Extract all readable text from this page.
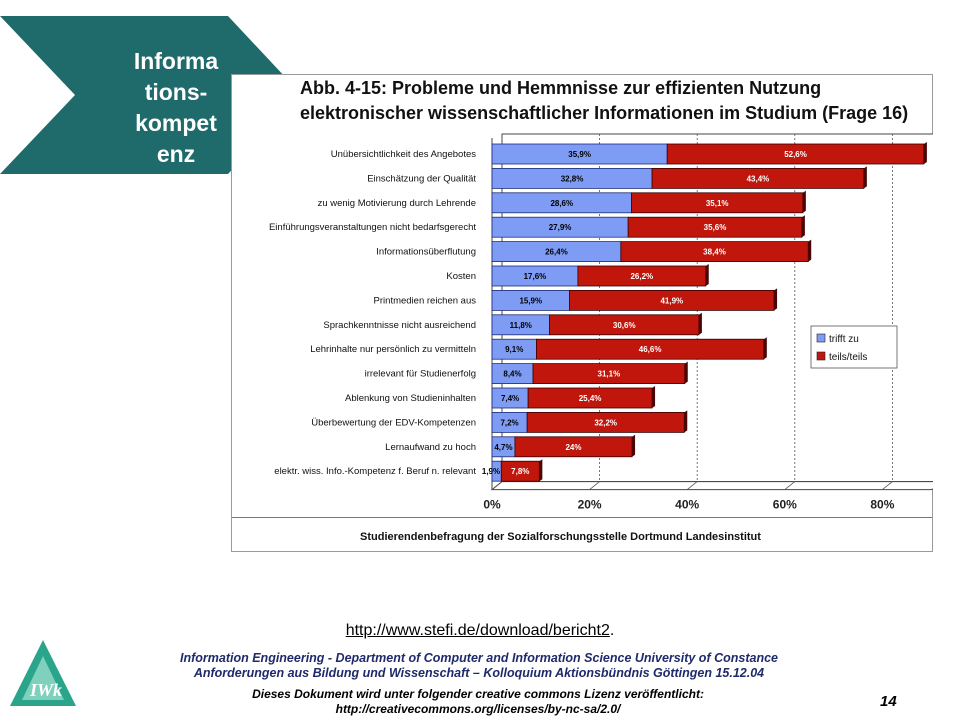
Informa
tions-
kompet
enz
Abb. 4-15: Probleme und Hemmnisse zur effizienten Nutzung
elektronischer wissenschaftlicher Informationen im Studium (Frage 16)
0%	20%	40%	60%	80%
Unübersichtlichkeit des Angebotes	35,9%	52,6%
Einschätzung der Qualität	32,8%	43,4%
zu wenig Motivierung durch Lehrende	28,6%	35,1%
Einführungsveranstaltungen nicht bedarfsgerecht	27,9%	35,6%
Informationsüberflutung	26,4%	38,4%
Kosten	17,6%	26,2%
Printmedien reichen aus	15,9%	41,9%
Sprachkenntnisse nicht ausreichend	11,8%	30,6%
Lehrinhalte nur persönlich zu vermitteln	9,1%	46,6%
irrelevant für Studienerfolg	8,4%	31,1%
Ablenkung von Studieninhalten	7,4%	25,4%
Überbewertung der EDV-Kompetenzen	7,2%	32,2%
Lernaufwand zu hoch 4,7%	24%
elektr. wiss. Info.-Kompetenz f. Beruf n. relevant 1,9% 7,8%
trifft zu
teils/teils
Studierendenbefragung der Sozialforschungsstelle Dortmund Landesinstitut
http://www.stefi.de/download/bericht2.
Information Engineering - Department of Computer and Information Science University of Constance
Anforderungen aus Bildung und Wissenschaft – Kolloquium Aktionsbündnis Göttingen 15.12.04
Dieses Dokument wird unter folgender creative commons Lizenz veröffentlicht:
http://creativecommons.org/licenses/by-nc-sa/2.0/	14
IWk
